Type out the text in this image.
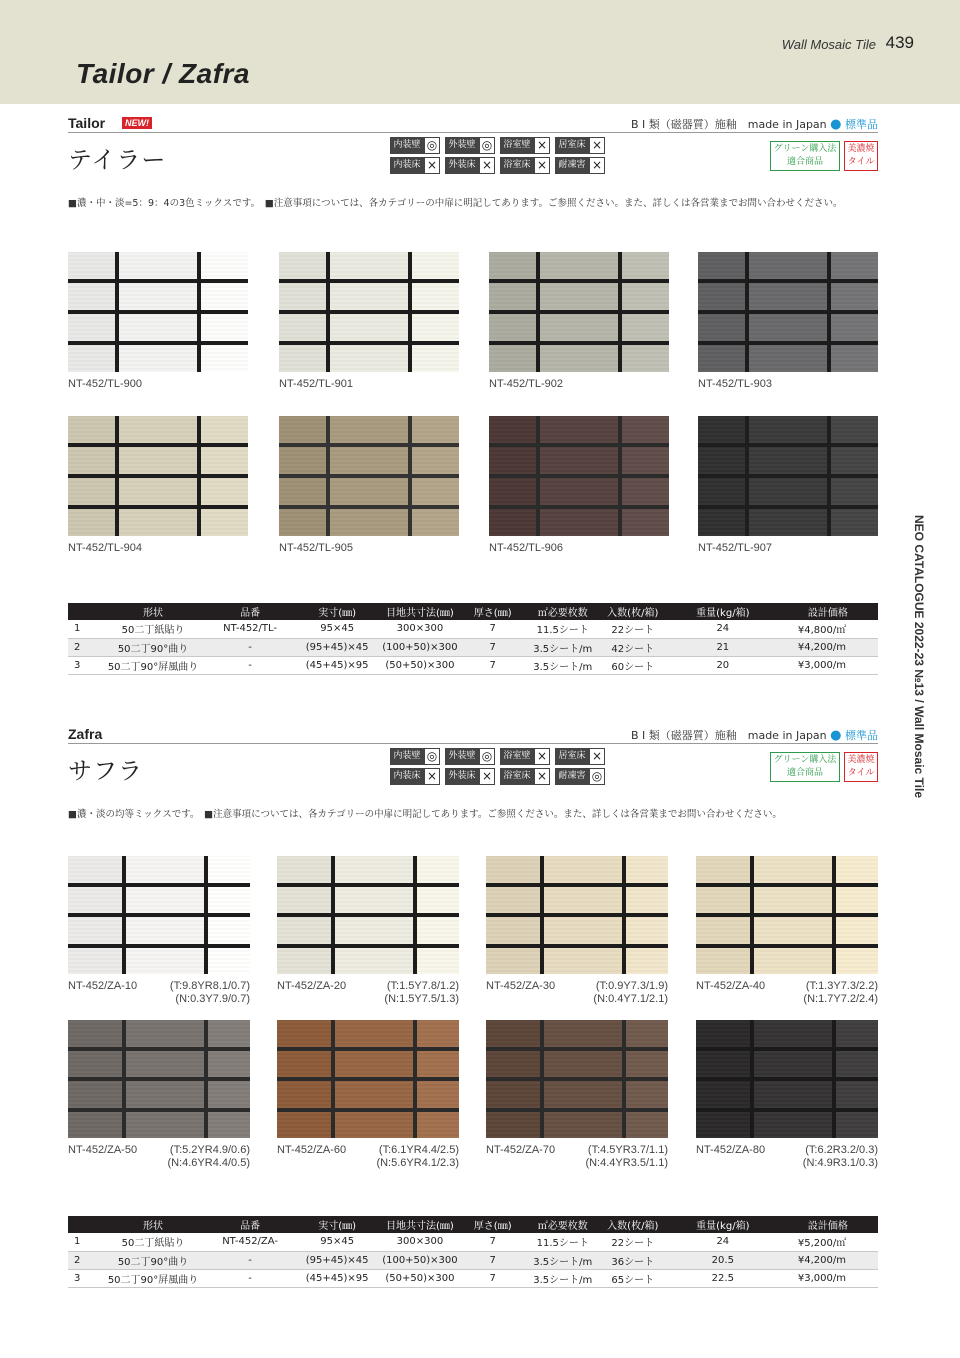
Tailor / Zafra
Wall Mosaic Tile 439
NEO CATALOGUE 2022-23 №13 / Wall Mosaic Tile
Tailor	NEW!	B I 類（磁器質）施釉　made in Japan ● 標準品
テイラー
内装壁 ◎	外装壁 ◎	浴室壁 ×	居室床 ×
内装床 ×	外装床 ×	浴室床 ×	耐凍害 ×
グリーン購入法
適合商品
美濃焼
タイル
■濃・中・淡=5：9：4の3色ミックスです。　■注意事項については、各カテゴリーの中扉に明記してあります。ご参照ください。また、詳しくは各営業までお問い合わせください。
NT-452/TL-900	NT-452/TL-901	NT-452/TL-902	NT-452/TL-903
NT-452/TL-904	NT-452/TL-905	NT-452/TL-906	NT-452/TL-907
	形状	品番	実寸(㎜)	目地共寸法(㎜)	厚さ(㎜)	㎡必要枚数	入数(枚/箱)	重量(kg/箱)	設計価格
1	50二丁紙貼り	NT-452/TL-	95×45	300×300	7	11.5シート	22シート	24	¥4,800/㎡
2	50二丁90°曲り	-	(95+45)×45	(100+50)×300	7	3.5シート/m	42シート	21	¥4,200/m
3	50二丁90°屏風曲り	-	(45+45)×95	(50+50)×300	7	3.5シート/m	60シート	20	¥3,000/m
Zafra	B I 類（磁器質）施釉　made in Japan ● 標準品
サフラ
内装壁 ◎	外装壁 ◎	浴室壁 ×	居室床 ×
内装床 ×	外装床 ×	浴室床 ×	耐凍害 ◎
グリーン購入法
適合商品
美濃焼
タイル
■濃・淡の均等ミックスです。　■注意事項については、各カテゴリーの中扉に明記してあります。ご参照ください。また、詳しくは各営業までお問い合わせください。
NT-452/ZA-10	(T:9.8YR8.1/0.7)
(N:0.3Y7.9/0.7)
NT-452/ZA-20	(T:1.5Y7.8/1.2)
(N:1.5Y7.5/1.3)
NT-452/ZA-30	(T:0.9Y7.3/1.9)
(N:0.4Y7.1/2.1)
NT-452/ZA-40	(T:1.3Y7.3/2.2)
(N:1.7Y7.2/2.4)
NT-452/ZA-50	(T:5.2YR4.9/0.6)
(N:4.6YR4.4/0.5)
NT-452/ZA-60	(T:6.1YR4.4/2.5)
(N:5.6YR4.1/2.3)
NT-452/ZA-70	(T:4.5YR3.7/1.1)
(N:4.4YR3.5/1.1)
NT-452/ZA-80	(T:6.2R3.2/0.3)
(N:4.9R3.1/0.3)
	形状	品番	実寸(㎜)	目地共寸法(㎜)	厚さ(㎜)	㎡必要枚数	入数(枚/箱)	重量(kg/箱)	設計価格
1	50二丁紙貼り	NT-452/ZA-	95×45	300×300	7	11.5シート	22シート	24	¥5,200/㎡
2	50二丁90°曲り	-	(95+45)×45	(100+50)×300	7	3.5シート/m	36シート	20.5	¥4,200/m
3	50二丁90°屏風曲り	-	(45+45)×95	(50+50)×300	7	3.5シート/m	65シート	22.5	¥3,000/m
